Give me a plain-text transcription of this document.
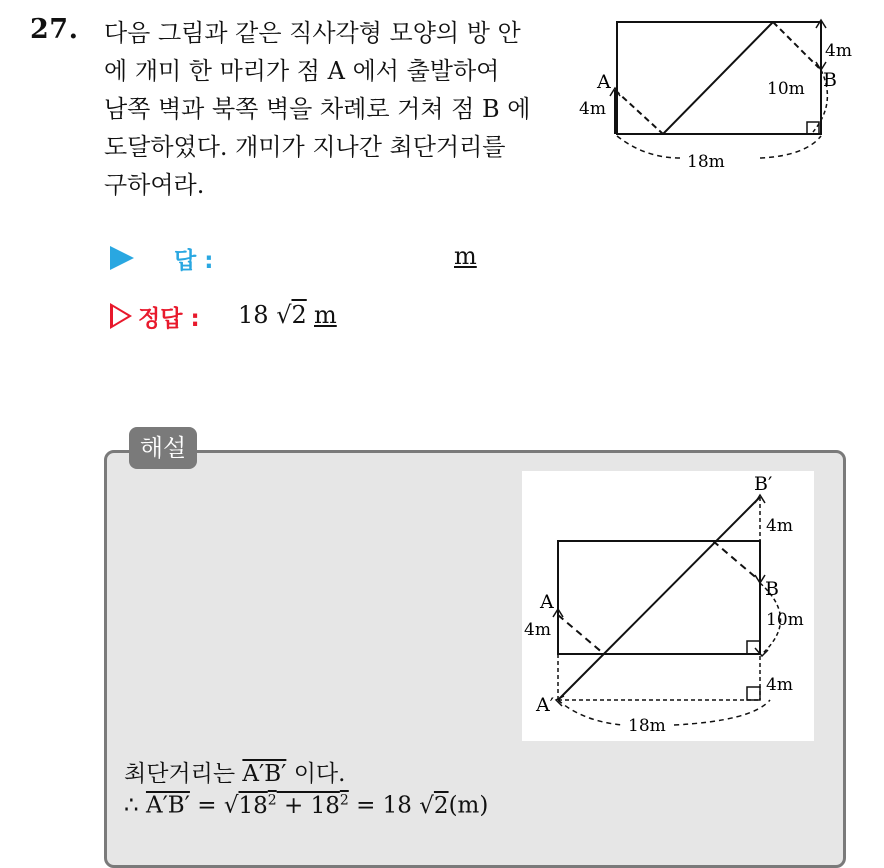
27. 다음 그림과 같은 직사각형 모양의 방 안
에 개미 한 마리가 점 A 에서 출발하여
남쪽 벽과 북쪽 벽을 차례로 거쳐 점 B 에
도달하였다. 개미가 지나간 최단거리를
구하여라.
A
4m
4m
10m B
18m
답 :	m
정답 : 18 √2 m
해설
B′
4m
B
10m
4m
A
4m
A′
18m
최단거리는 A′B′ 이다.
∴ $A'B' = √18^2 + 18^2 = 18$ √2(m)
